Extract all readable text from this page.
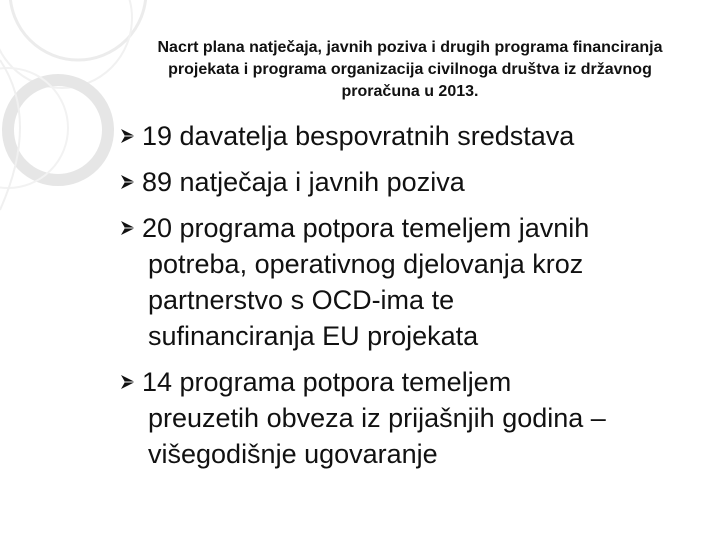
Nacrt plana natječaja, javnih poziva i drugih programa financiranja
projekata i programa organizacija civilnoga društva iz državnog
proračuna u 2013.
19 davatelja bespovratnih sredstava
89 natječaja i javnih poziva
20 programa potpora temeljem javnih
potreba, operativnog djelovanja kroz
partnerstvo s OCD-ima te
sufinanciranja EU projekata
14 programa potpora temeljem
preuzetih obveza iz prijašnjih godina –
višegodišnje ugovaranje
